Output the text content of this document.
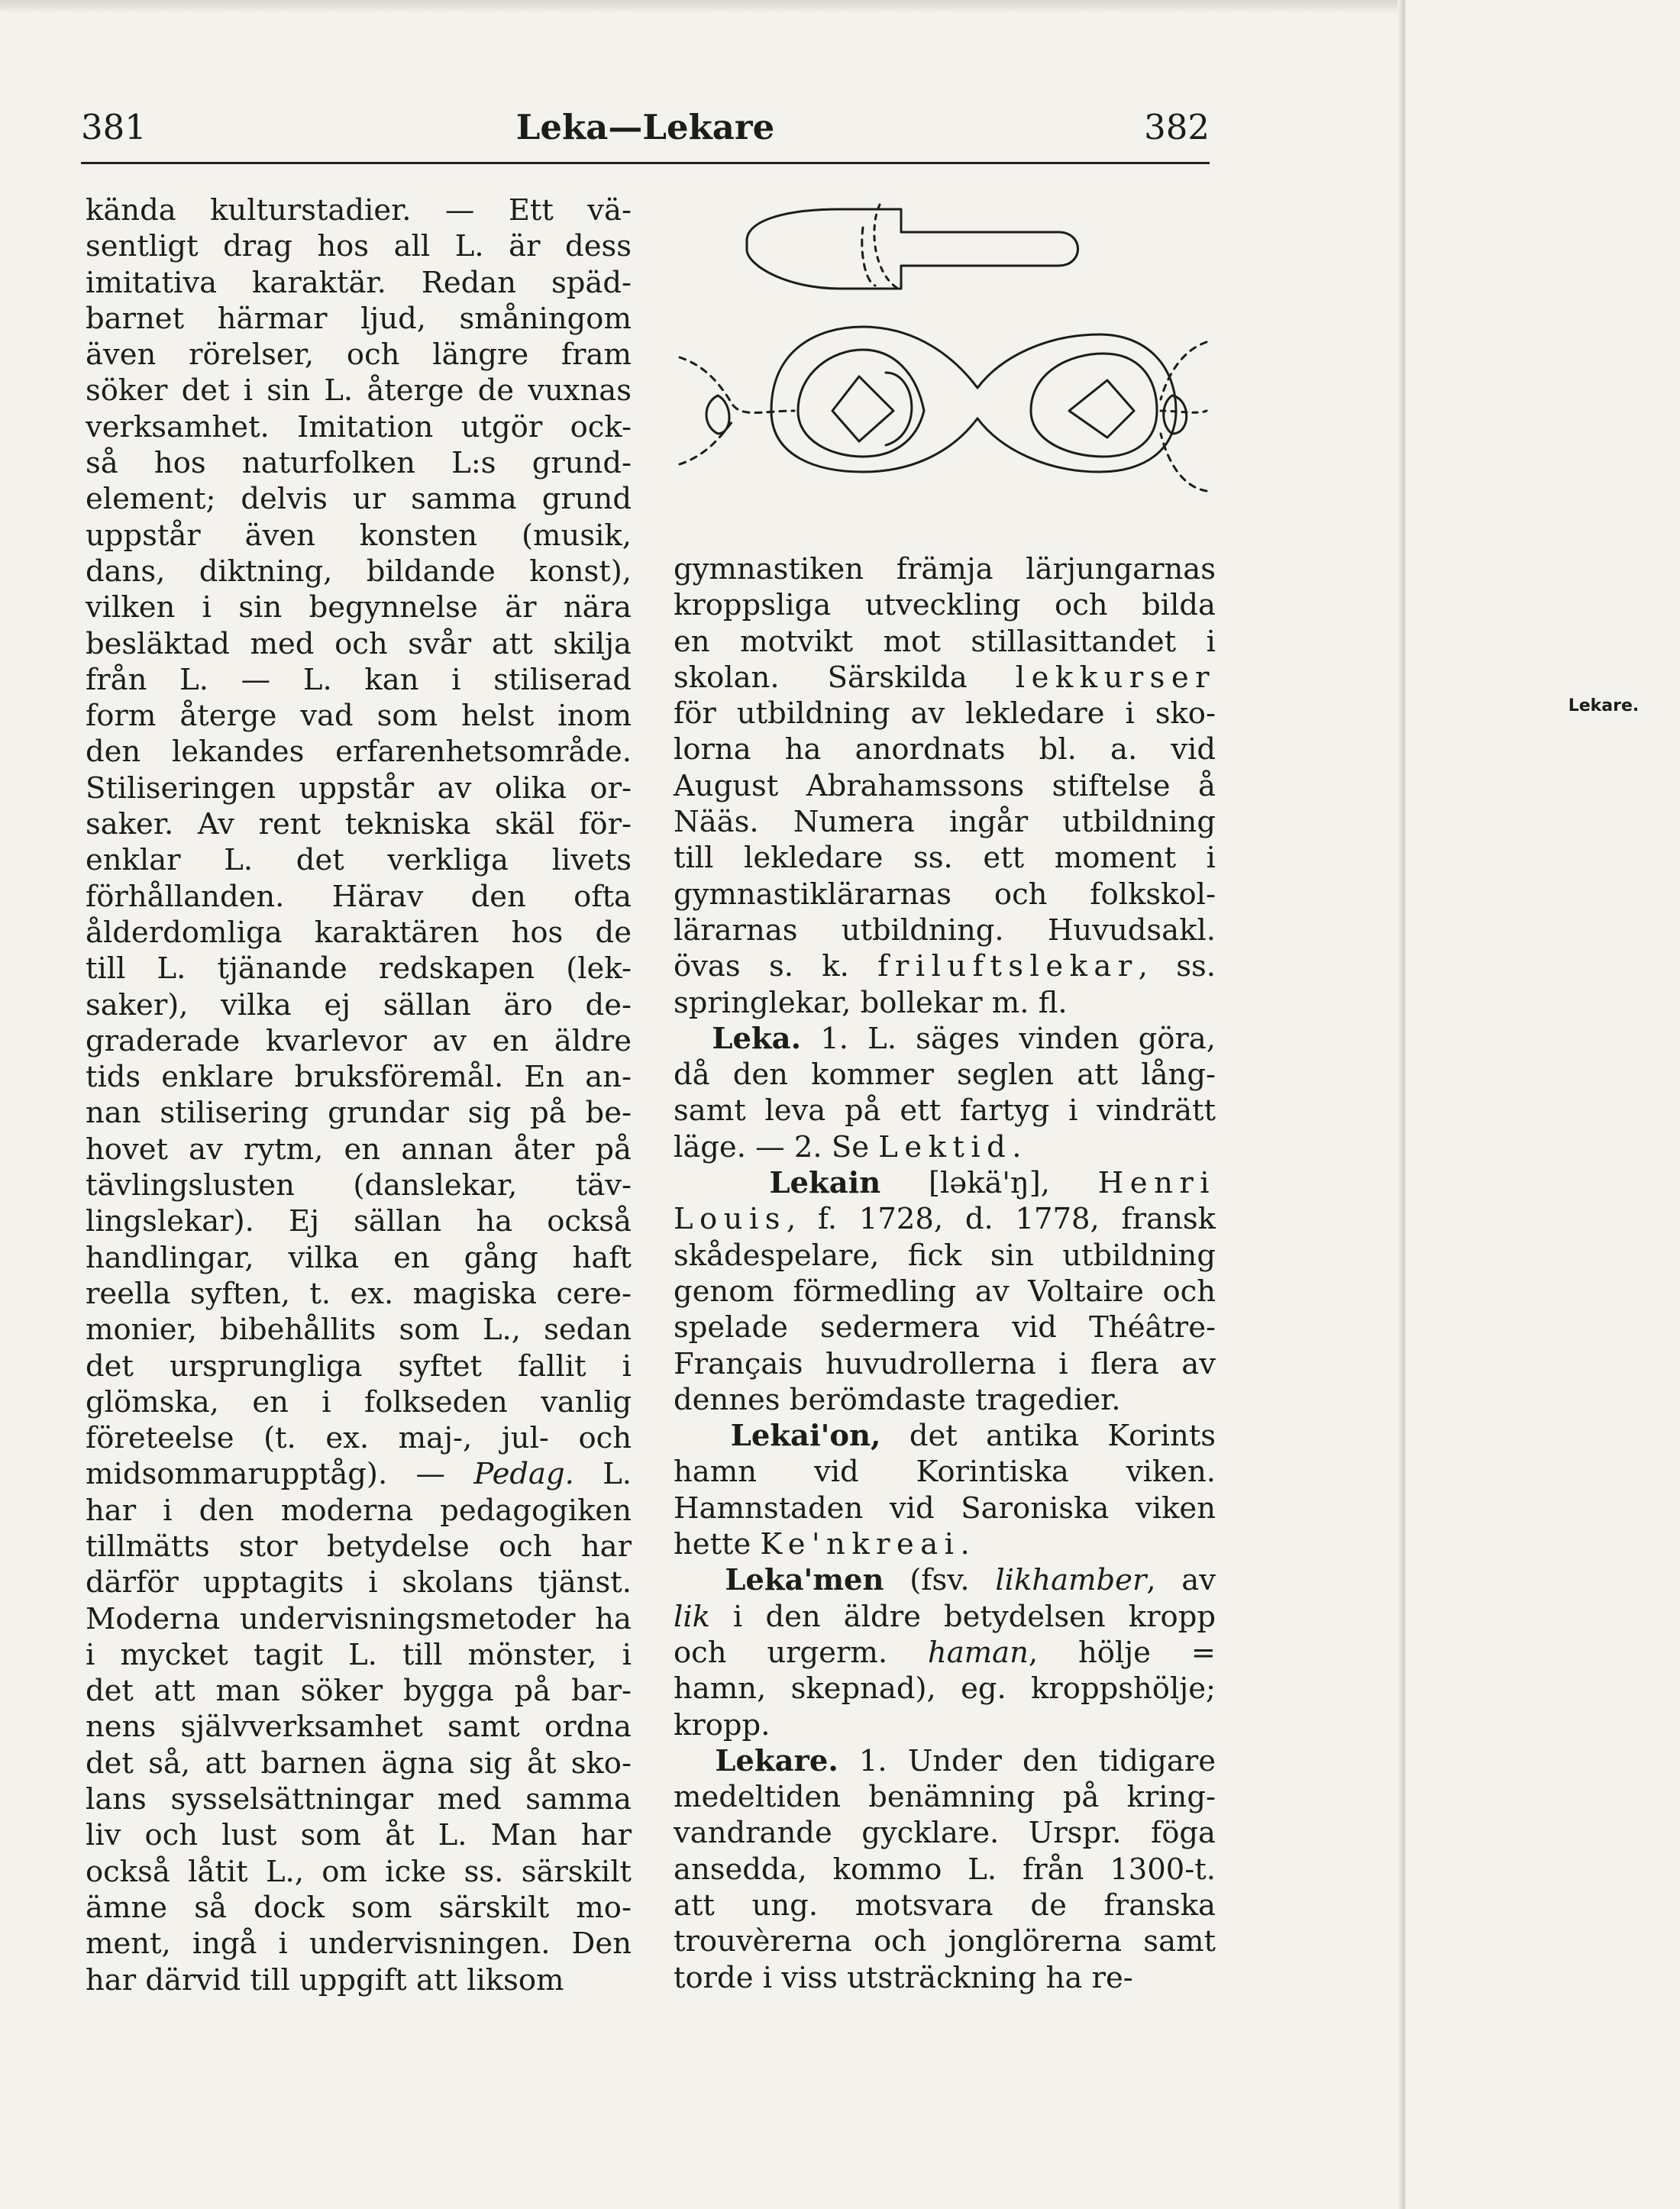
381	Leka—Lekare	382
kända kulturstadier. — Ett vä-
sentligt drag hos all L. är dess
imitativa karaktär. Redan späd-
barnet härmar ljud, småningom
även rörelser, och längre fram
söker det i sin L. återge de vuxnas
verksamhet. Imitation utgör ock-
så hos naturfolken L:s grund-
element; delvis ur samma grund
uppstår även konsten (musik,
dans, diktning, bildande konst),
vilken i sin begynnelse är nära
besläktad med och svår att skilja
från L. — L. kan i stiliserad
form återge vad som helst inom
den lekandes erfarenhetsområde.
Stiliseringen uppstår av olika or-
saker. Av rent tekniska skäl för-
enklar L. det verkliga livets
förhållanden. Härav den ofta
ålderdomliga karaktären hos de
till L. tjänande redskapen (lek-
saker), vilka ej sällan äro de-
graderade kvarlevor av en äldre
tids enklare bruksföremål. En an-
nan stilisering grundar sig på be-
hovet av rytm, en annan åter på
tävlingslusten (danslekar, täv-
lingslekar). Ej sällan ha också
handlingar, vilka en gång haft
reella syften, t. ex. magiska cere-
monier, bibehållits som L., sedan
det ursprungliga syftet fallit i
glömska, en i folkseden vanlig
företeelse (t. ex. maj-, jul- och
midsommarupptåg). — Pedag. L.
har i den moderna pedagogiken
tillmätts stor betydelse och har
därför upptagits i skolans tjänst.
Moderna undervisningsmetoder ha
i mycket tagit L. till mönster, i
det att man söker bygga på bar-
nens självverksamhet samt ordna
det så, att barnen ägna sig åt sko-
lans sysselsättningar med samma
liv och lust som åt L. Man har
också låtit L., om icke ss. särskilt
ämne så dock som särskilt mo-
ment, ingå i undervisningen. Den
har därvid till uppgift att liksom
Lekare.
gymnastiken främja lärjungarnas
kroppsliga utveckling och bilda
en motvikt mot stillasittandet i
skolan. Särskilda lekkurser
för utbildning av lekledare i sko-
lorna ha anordnats bl. a. vid
August Abrahamssons stiftelse å
Nääs. Numera ingår utbildning
till lekledare ss. ett moment i
gymnastiklärarnas och folkskol-
lärarnas utbildning. Huvudsakl.
övas s. k. friluftslekar, ss.
springlekar, bollekar m. fl.
Leka. 1. L. säges vinden göra,
då den kommer seglen att lång-
samt leva på ett fartyg i vindrätt
läge. — 2. Se Lektid.
Lekain [ləkä'ŋ], Henri
Louis, f. 1728, d. 1778, fransk
skådespelare, fick sin utbildning
genom förmedling av Voltaire och
spelade sedermera vid Théâtre-
Français huvudrollerna i flera av
dennes berömdaste tragedier.
Lekai'on, det antika Korints
hamn vid Korintiska viken.
Hamnstaden vid Saroniska viken
hette Ke'nkreai.
Leka'men (fsv. likhamber, av
lik i den äldre betydelsen kropp
och urgerm. haman, hölje =
hamn, skepnad), eg. kroppshölje;
kropp.
Lekare. 1. Under den tidigare
medeltiden benämning på kring-
vandrande gycklare. Urspr. föga
ansedda, kommo L. från 1300-t.
att ung. motsvara de franska
trouvèrerna och jonglörerna samt
torde i viss utsträckning ha re-
